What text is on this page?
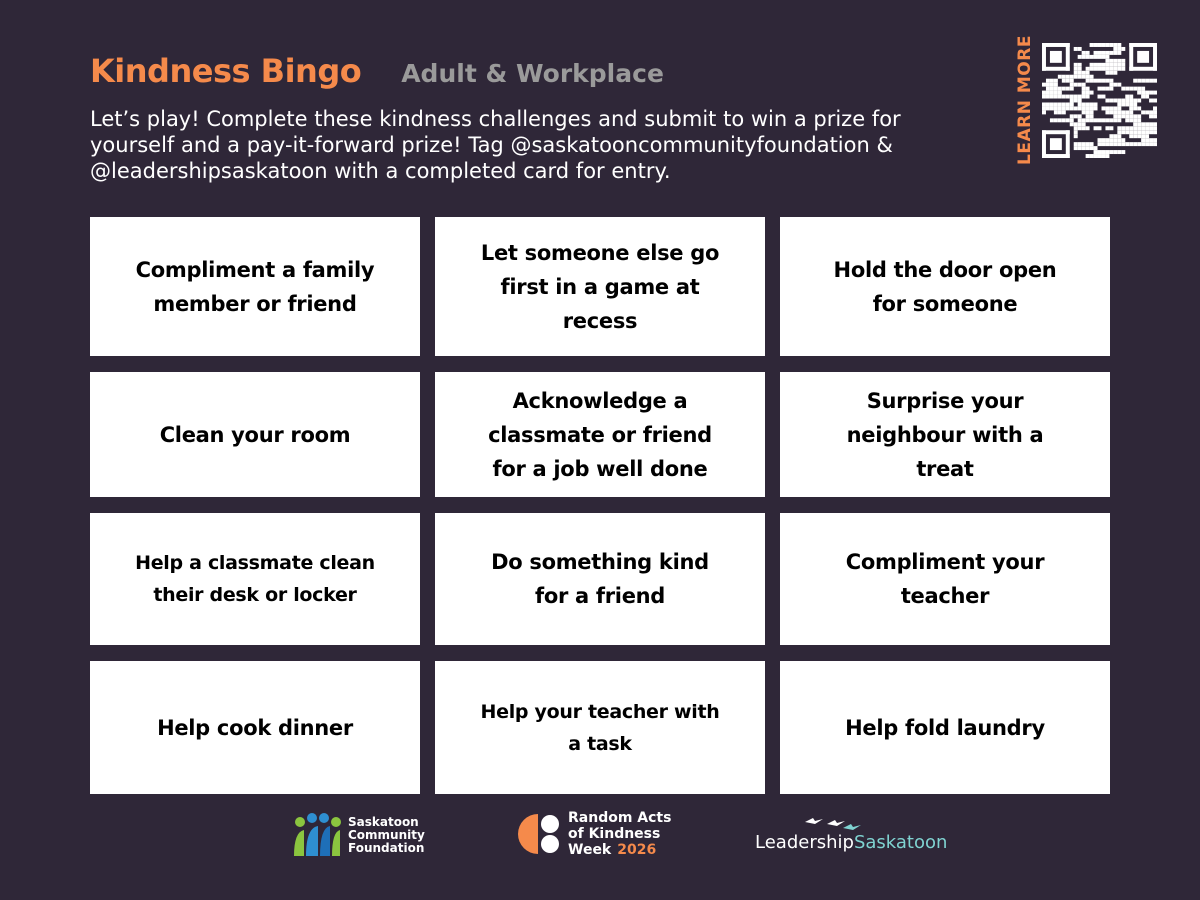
Kindness Bingo Adult & Workplace

Let’s play! Complete these kindness challenges and submit to win a prize for yourself and a pay-it-forward prize! Tag @saskatooncommunityfoundation & @leadershipsaskatoon with a completed card for entry.

LEARN MORE
Compliment a family member or friend
Let someone else go first in a game at recess
Hold the door open for someone
Clean your room
Acknowledge a classmate or friend for a job well done
Surprise your neighbour with a treat
Help a classmate clean their desk or locker
Do something kind for a friend
Compliment your teacher
Help cook dinner
Help your teacher with a task
Help fold laundry
Saskatoon
Community
Foundation
Random Acts
of Kindness
Week 2026	LeadershipSaskatoon
